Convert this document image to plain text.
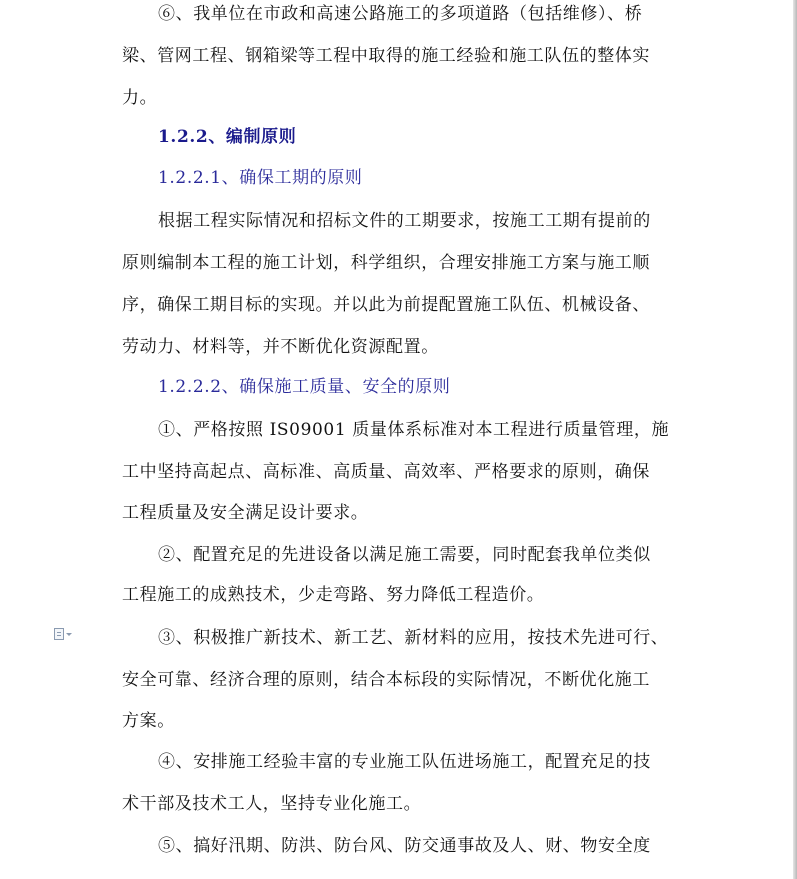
⑥、我单位在市政和高速公路施工的多项道路（包括维修）、桥
梁、管网工程、钢箱梁等工程中取得的施工经验和施工队伍的整体实
力。
1.2.2、编制原则
1.2.2.1、确保工期的原则
根据工程实际情况和招标文件的工期要求，按施工工期有提前的
原则编制本工程的施工计划，科学组织，合理安排施工方案与施工顺
序，确保工期目标的实现。并以此为前提配置施工队伍、机械设备、
劳动力、材料等，并不断优化资源配置。
1.2.2.2、确保施工质量、安全的原则
①、严格按照 IS09001 质量体系标准对本工程进行质量管理，施
工中坚持高起点、高标准、高质量、高效率、严格要求的原则，确保
工程质量及安全满足设计要求。
②、配置充足的先进设备以满足施工需要，同时配套我单位类似
工程施工的成熟技术，少走弯路、努力降低工程造价。
③、积极推广新技术、新工艺、新材料的应用，按技术先进可行、
安全可靠、经济合理的原则，结合本标段的实际情况，不断优化施工
方案。
④、安排施工经验丰富的专业施工队伍进场施工，配置充足的技
术干部及技术工人，坚持专业化施工。
⑤、搞好汛期、防洪、防台风、防交通事故及人、财、物安全度
